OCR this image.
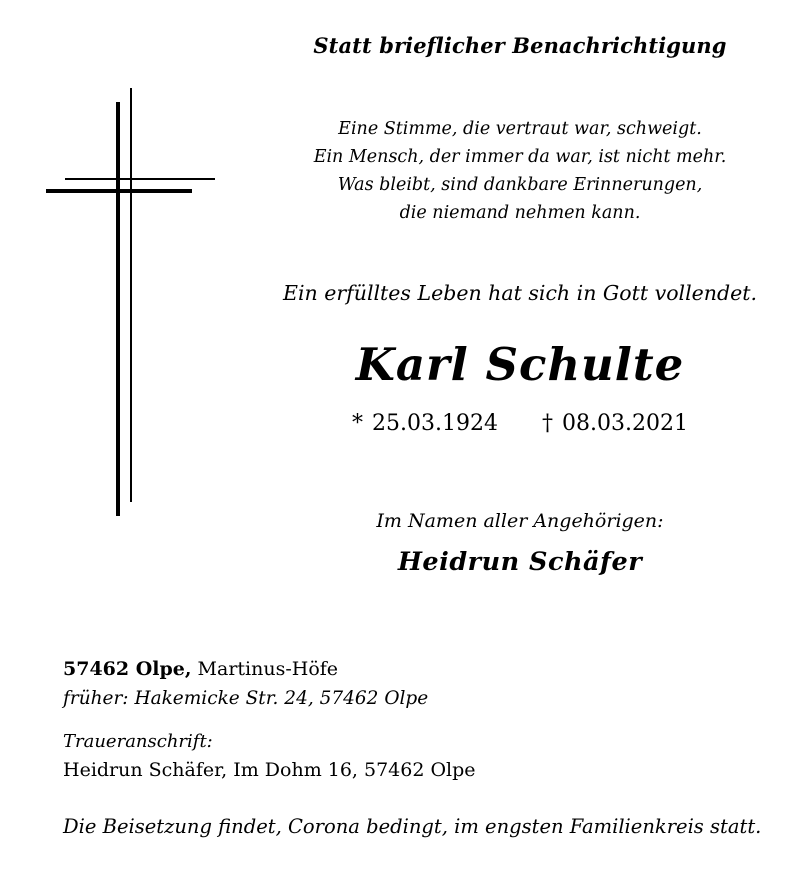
Statt brieflicher Benachrichtigung
Eine Stimme, die vertraut war, schweigt.
Ein Mensch, der immer da war, ist nicht mehr.
Was bleibt, sind dankbare Erinnerungen,
die niemand nehmen kann.
Ein erfülltes Leben hat sich in Gott vollendet.
Karl Schulte
* 25.03.1924 † 08.03.2021
Im Namen aller Angehörigen:
Heidrun Schäfer
57462 Olpe, Martinus-Höfe
früher: Hakemicke Str. 24, 57462 Olpe
Traueranschrift:
Heidrun Schäfer, Im Dohm 16, 57462 Olpe
Die Beisetzung findet, Corona bedingt, im engsten Familienkreis statt.
